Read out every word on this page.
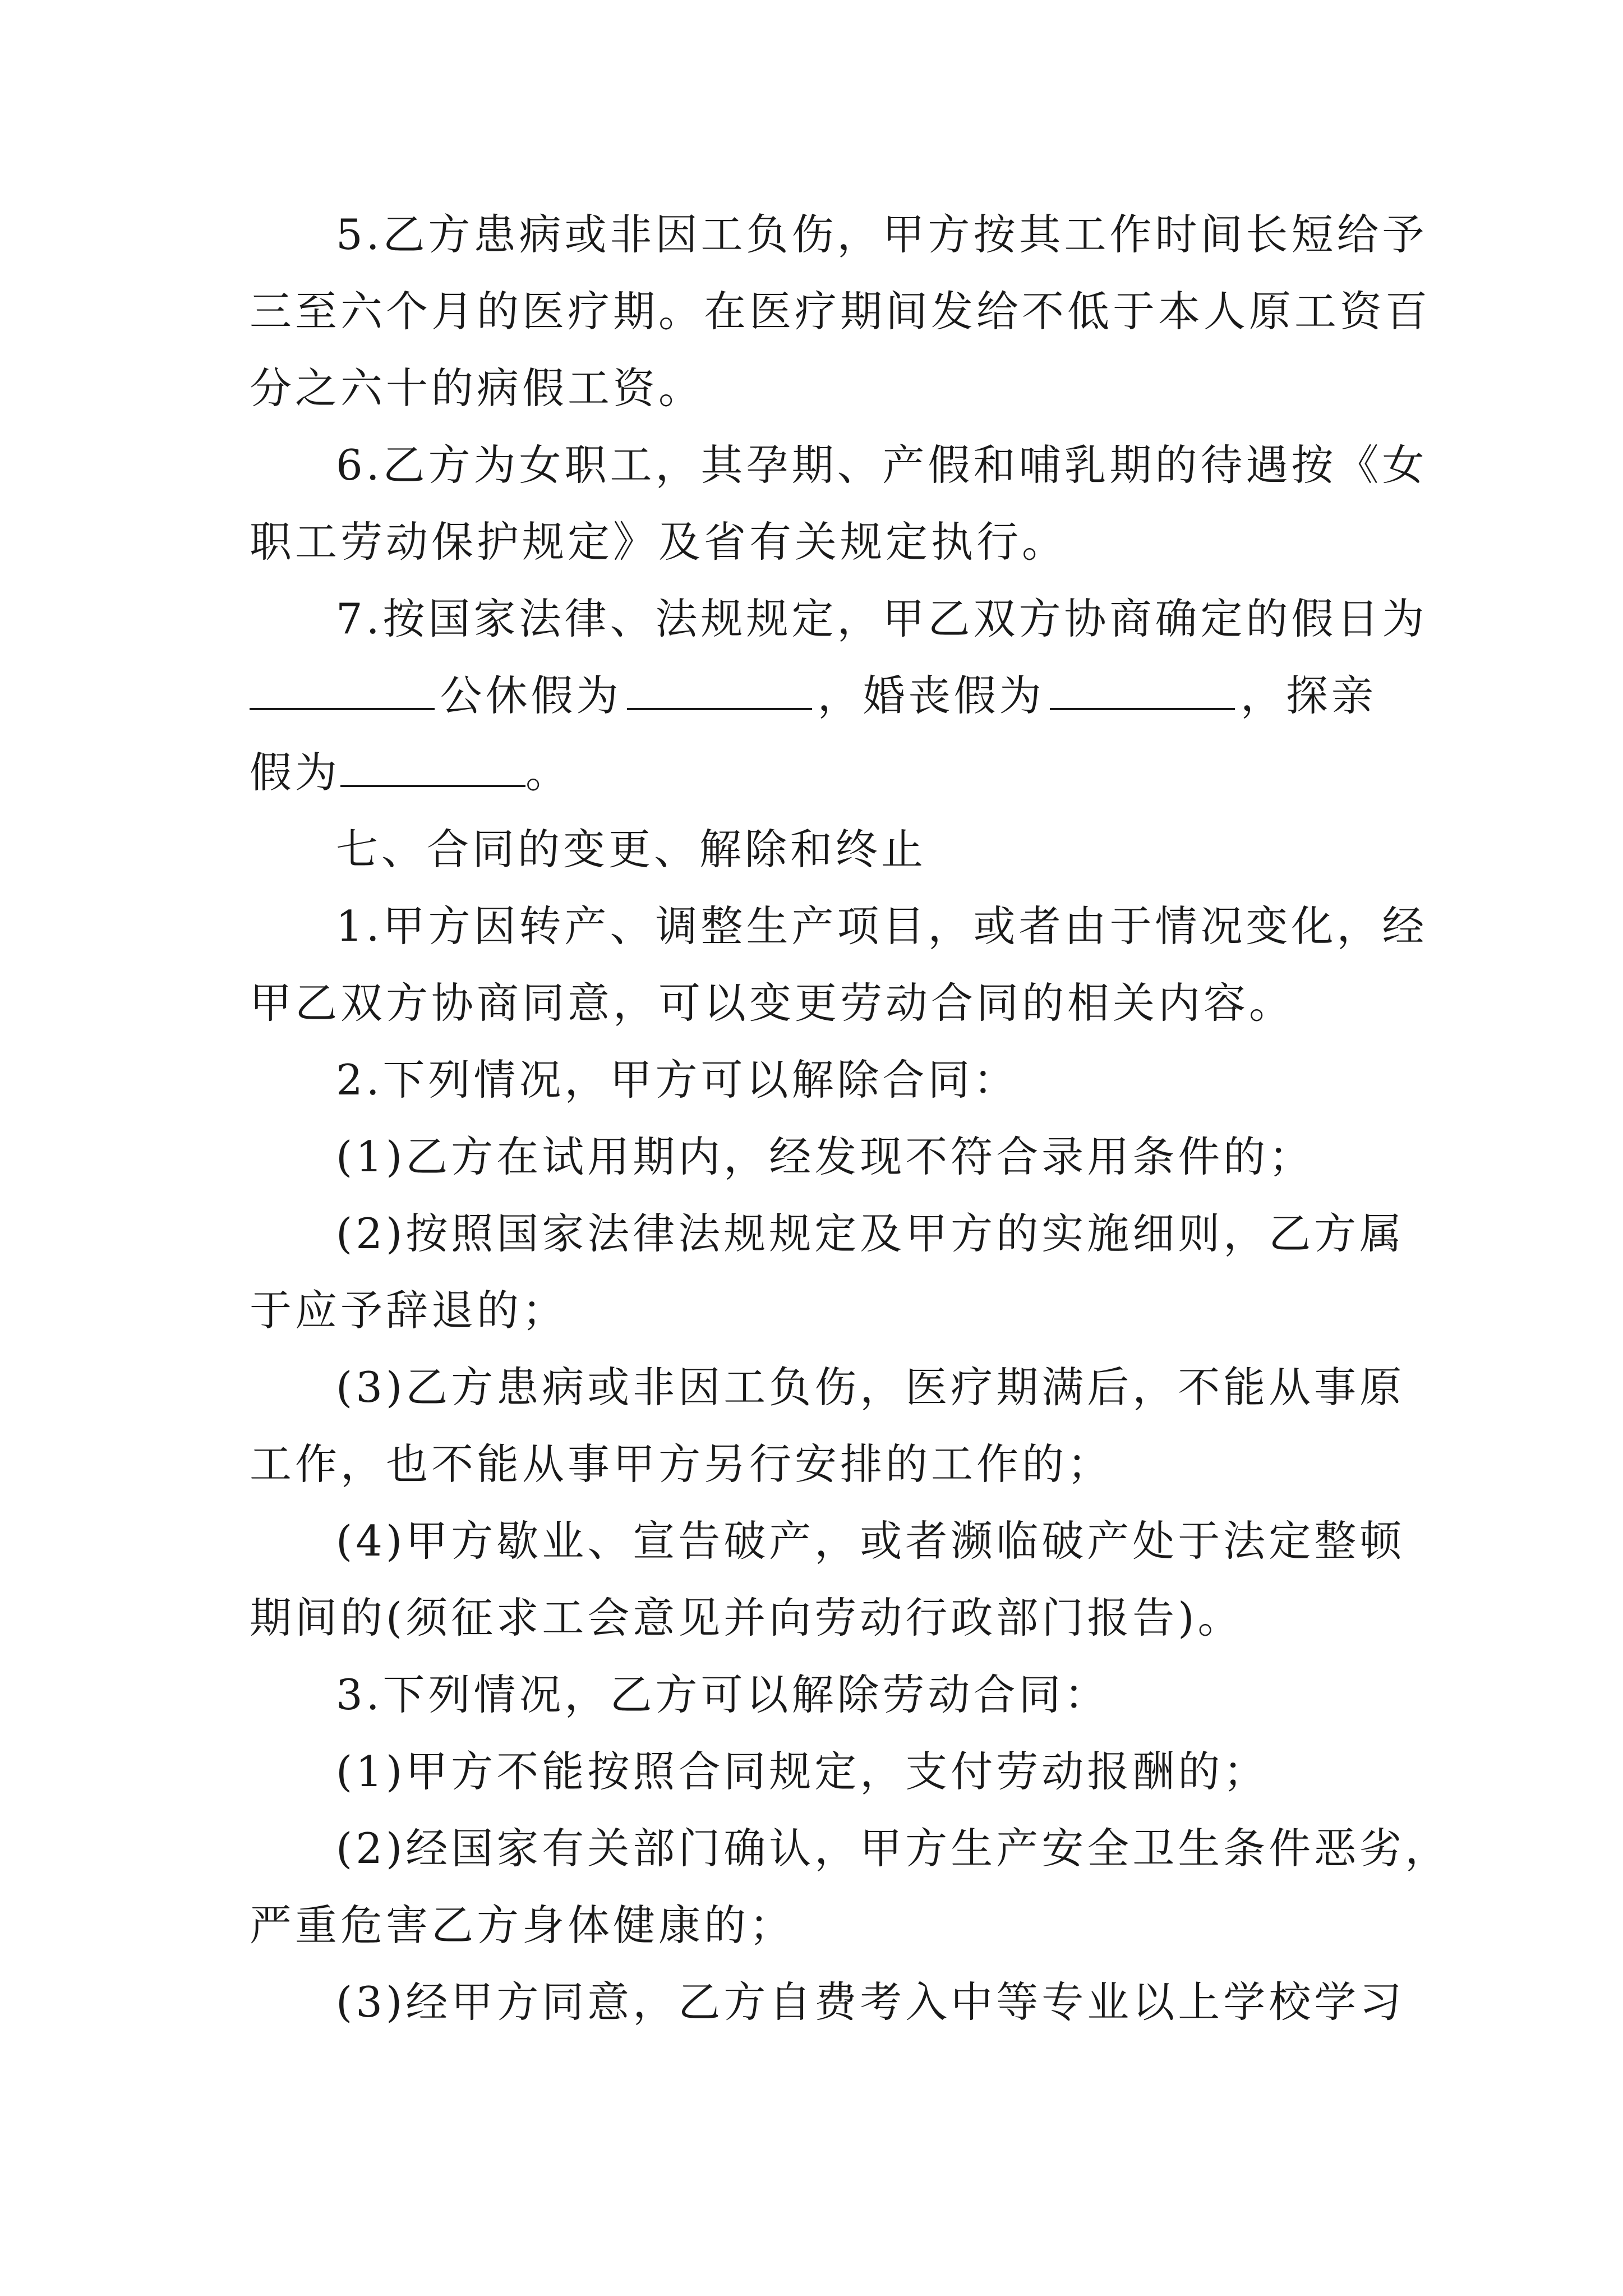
5.乙方患病或非因工负伤，甲方按其工作时间长短给予
三至六个月的医疗期。在医疗期间发给不低于本人原工资百
分之六十的病假工资。
6.乙方为女职工，其孕期、产假和哺乳期的待遇按《女
职工劳动保护规定》及省有关规定执行。
7.按国家法律、法规规定，甲乙双方协商确定的假日为
公休假为	，婚丧假为	，探亲
假为	。
七、合同的变更、解除和终止
1.甲方因转产、调整生产项目，或者由于情况变化，经
甲乙双方协商同意，可以变更劳动合同的相关内容。
2.下列情况，甲方可以解除合同：
(1)乙方在试用期内，经发现不符合录用条件的；
(2)按照国家法律法规规定及甲方的实施细则，乙方属
于应予辞退的；
(3)乙方患病或非因工负伤，医疗期满后，不能从事原
工作，也不能从事甲方另行安排的工作的；
(4)甲方歇业、宣告破产，或者濒临破产处于法定整顿
期间的(须征求工会意见并向劳动行政部门报告)。
3.下列情况，乙方可以解除劳动合同：
(1)甲方不能按照合同规定，支付劳动报酬的；
(2)经国家有关部门确认，甲方生产安全卫生条件恶劣，
严重危害乙方身体健康的；
(3)经甲方同意，乙方自费考入中等专业以上学校学习
